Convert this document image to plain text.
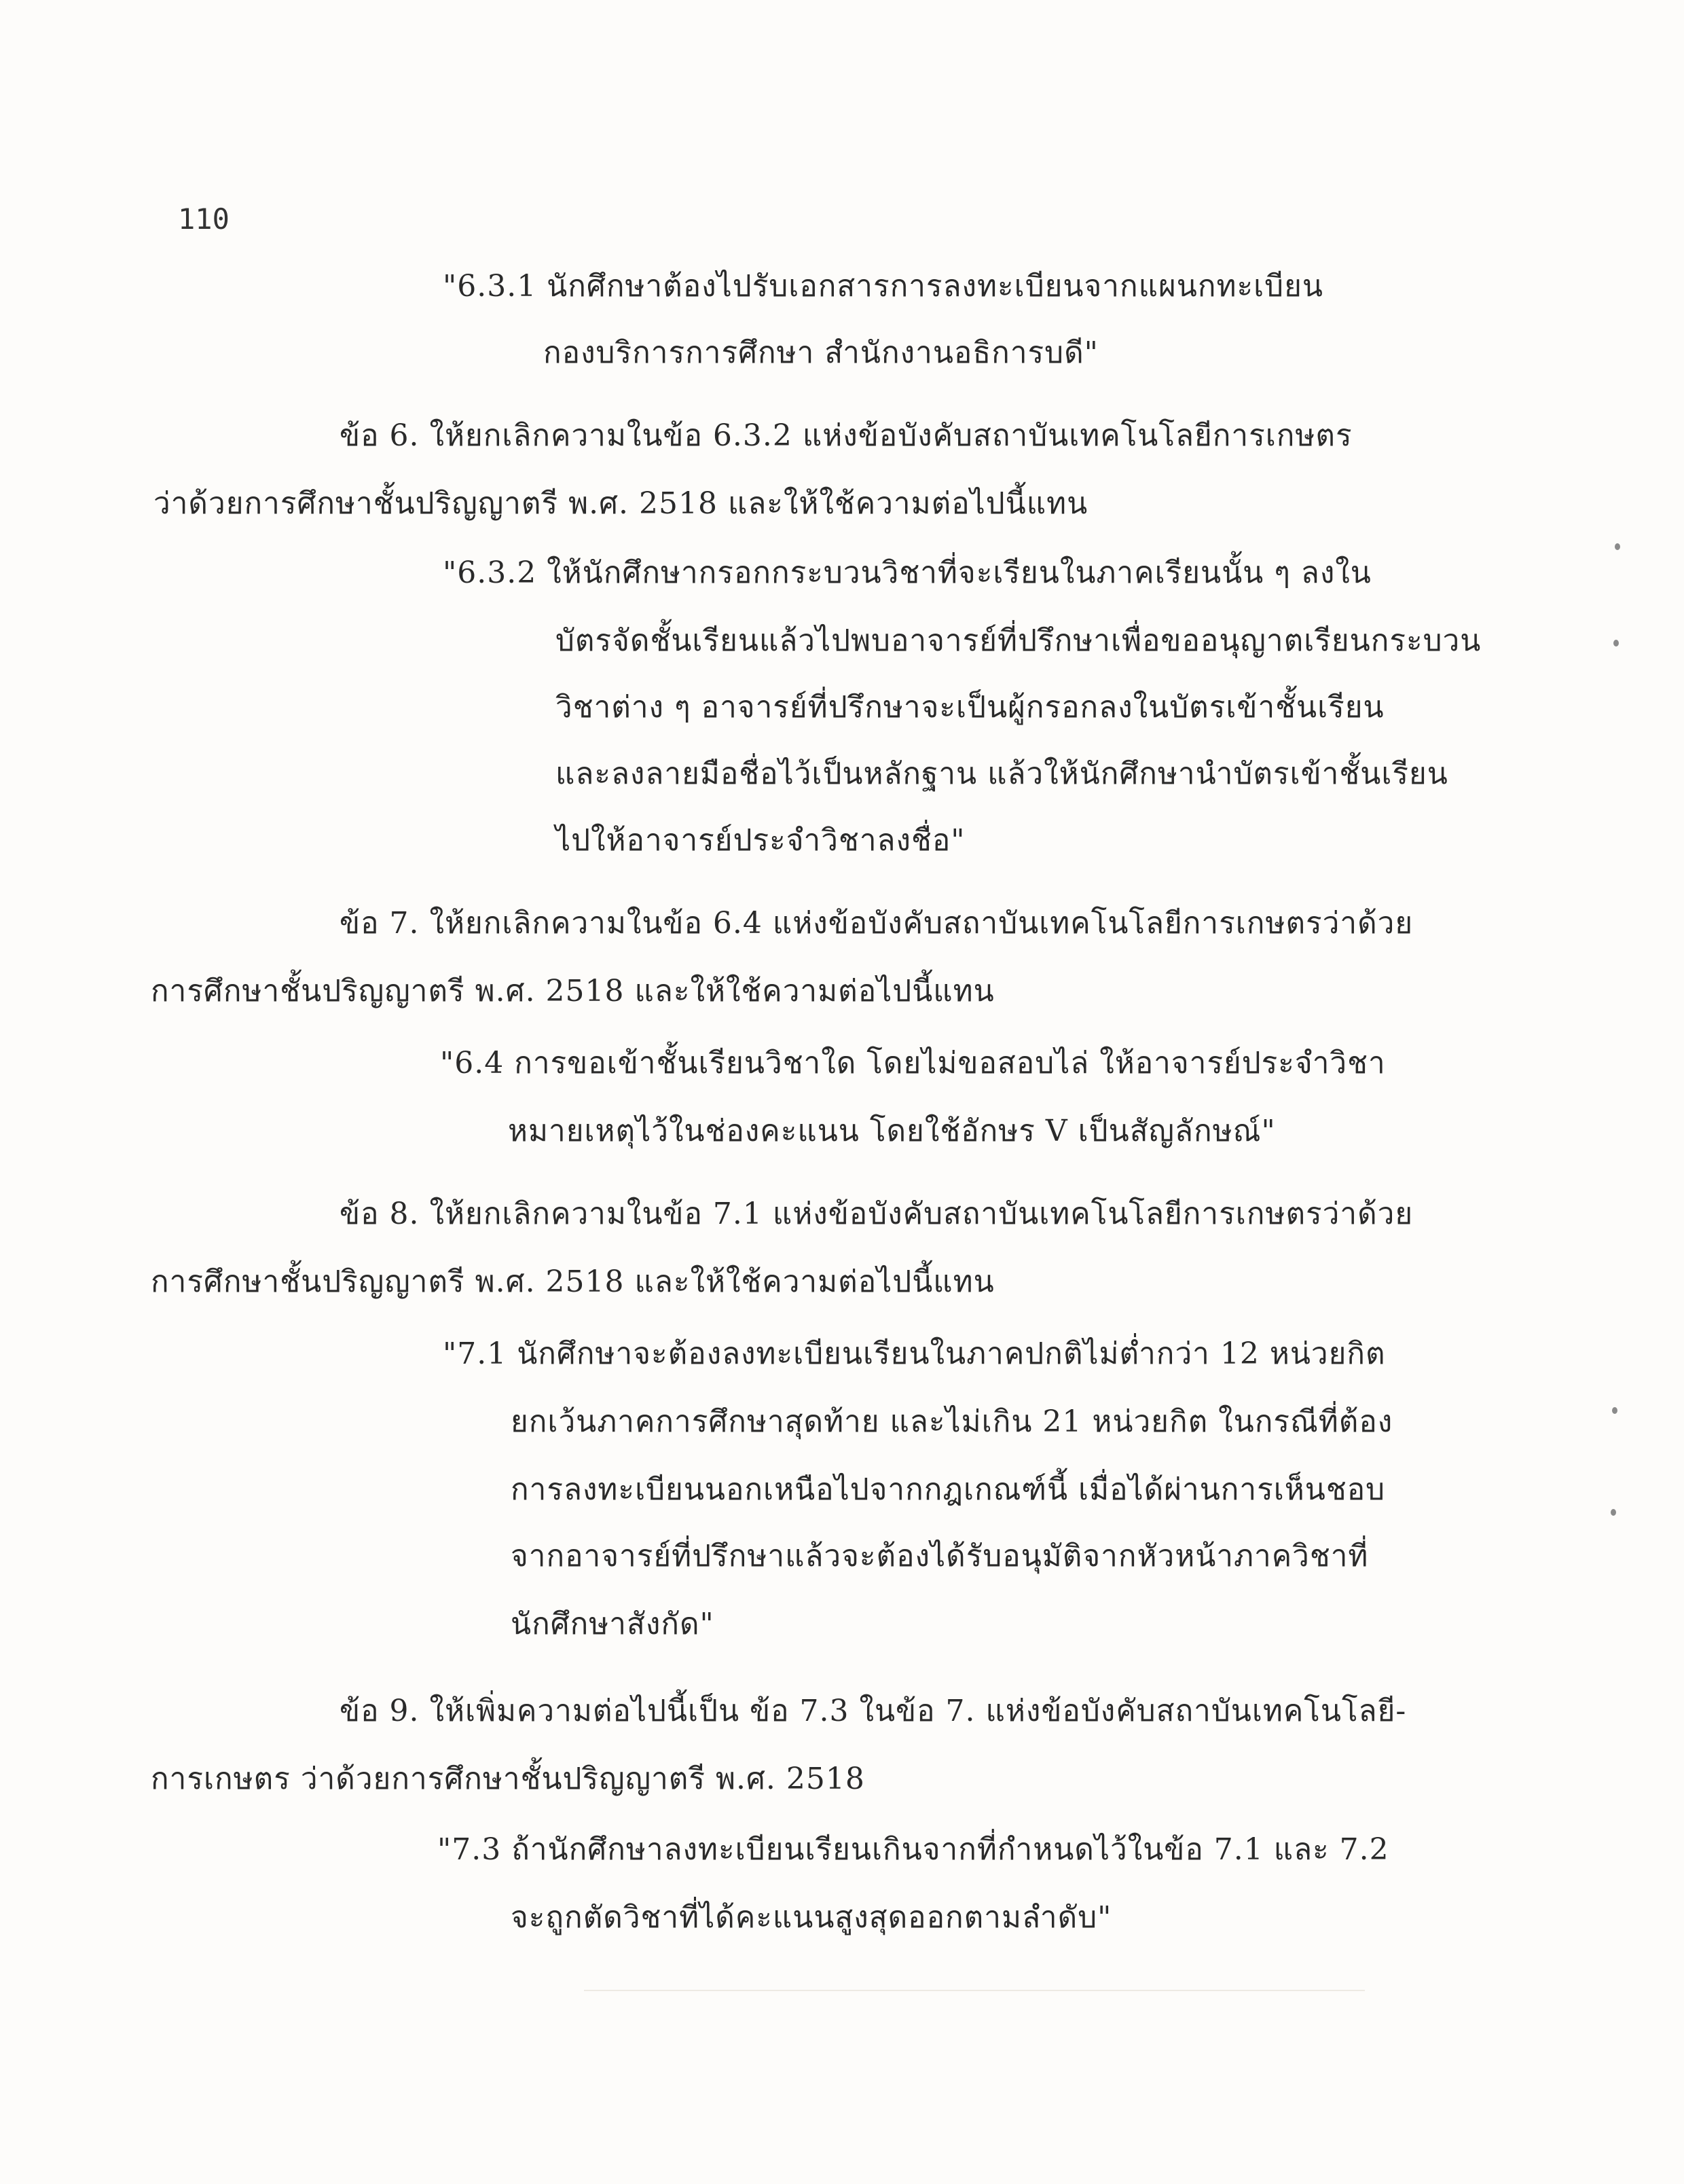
110
"6.3.1 นักศึกษาต้องไปรับเอกสารการลงทะเบียนจากแผนกทะเบียน
กองบริการการศึกษา สำนักงานอธิการบดี"
ข้อ 6. ให้ยกเลิกความในข้อ 6.3.2 แห่งข้อบังคับสถาบันเทคโนโลยีการเกษตร
ว่าด้วยการศึกษาชั้นปริญญาตรี พ.ศ. 2518 และให้ใช้ความต่อไปนี้แทน
"6.3.2 ให้นักศึกษากรอกกระบวนวิชาที่จะเรียนในภาคเรียนนั้น ๆ ลงใน
บัตรจัดชั้นเรียนแล้วไปพบอาจารย์ที่ปรึกษาเพื่อขออนุญาตเรียนกระบวน
วิชาต่าง ๆ อาจารย์ที่ปรึกษาจะเป็นผู้กรอกลงในบัตรเข้าชั้นเรียน
และลงลายมือชื่อไว้เป็นหลักฐาน แล้วให้นักศึกษานำบัตรเข้าชั้นเรียน
ไปให้อาจารย์ประจำวิชาลงชื่อ"
ข้อ 7. ให้ยกเลิกความในข้อ 6.4 แห่งข้อบังคับสถาบันเทคโนโลยีการเกษตรว่าด้วย
การศึกษาชั้นปริญญาตรี พ.ศ. 2518 และให้ใช้ความต่อไปนี้แทน
"6.4 การขอเข้าชั้นเรียนวิชาใด โดยไม่ขอสอบไล่ ให้อาจารย์ประจำวิชา
หมายเหตุไว้ในช่องคะแนน โดยใช้อักษร V เป็นสัญลักษณ์"
ข้อ 8. ให้ยกเลิกความในข้อ 7.1 แห่งข้อบังคับสถาบันเทคโนโลยีการเกษตรว่าด้วย
การศึกษาชั้นปริญญาตรี พ.ศ. 2518 และให้ใช้ความต่อไปนี้แทน
"7.1 นักศึกษาจะต้องลงทะเบียนเรียนในภาคปกติไม่ต่ำกว่า 12 หน่วยกิต
ยกเว้นภาคการศึกษาสุดท้าย และไม่เกิน 21 หน่วยกิต ในกรณีที่ต้อง
การลงทะเบียนนอกเหนือไปจากกฎเกณฑ์นี้ เมื่อได้ผ่านการเห็นชอบ
จากอาจารย์ที่ปรึกษาแล้วจะต้องได้รับอนุมัติจากหัวหน้าภาควิชาที่
นักศึกษาสังกัด"
ข้อ 9. ให้เพิ่มความต่อไปนี้เป็น ข้อ 7.3 ในข้อ 7. แห่งข้อบังคับสถาบันเทคโนโลยี-
การเกษตร ว่าด้วยการศึกษาชั้นปริญญาตรี พ.ศ. 2518
"7.3 ถ้านักศึกษาลงทะเบียนเรียนเกินจากที่กำหนดไว้ในข้อ 7.1 และ 7.2
จะถูกตัดวิชาที่ได้คะแนนสูงสุดออกตามลำดับ"
